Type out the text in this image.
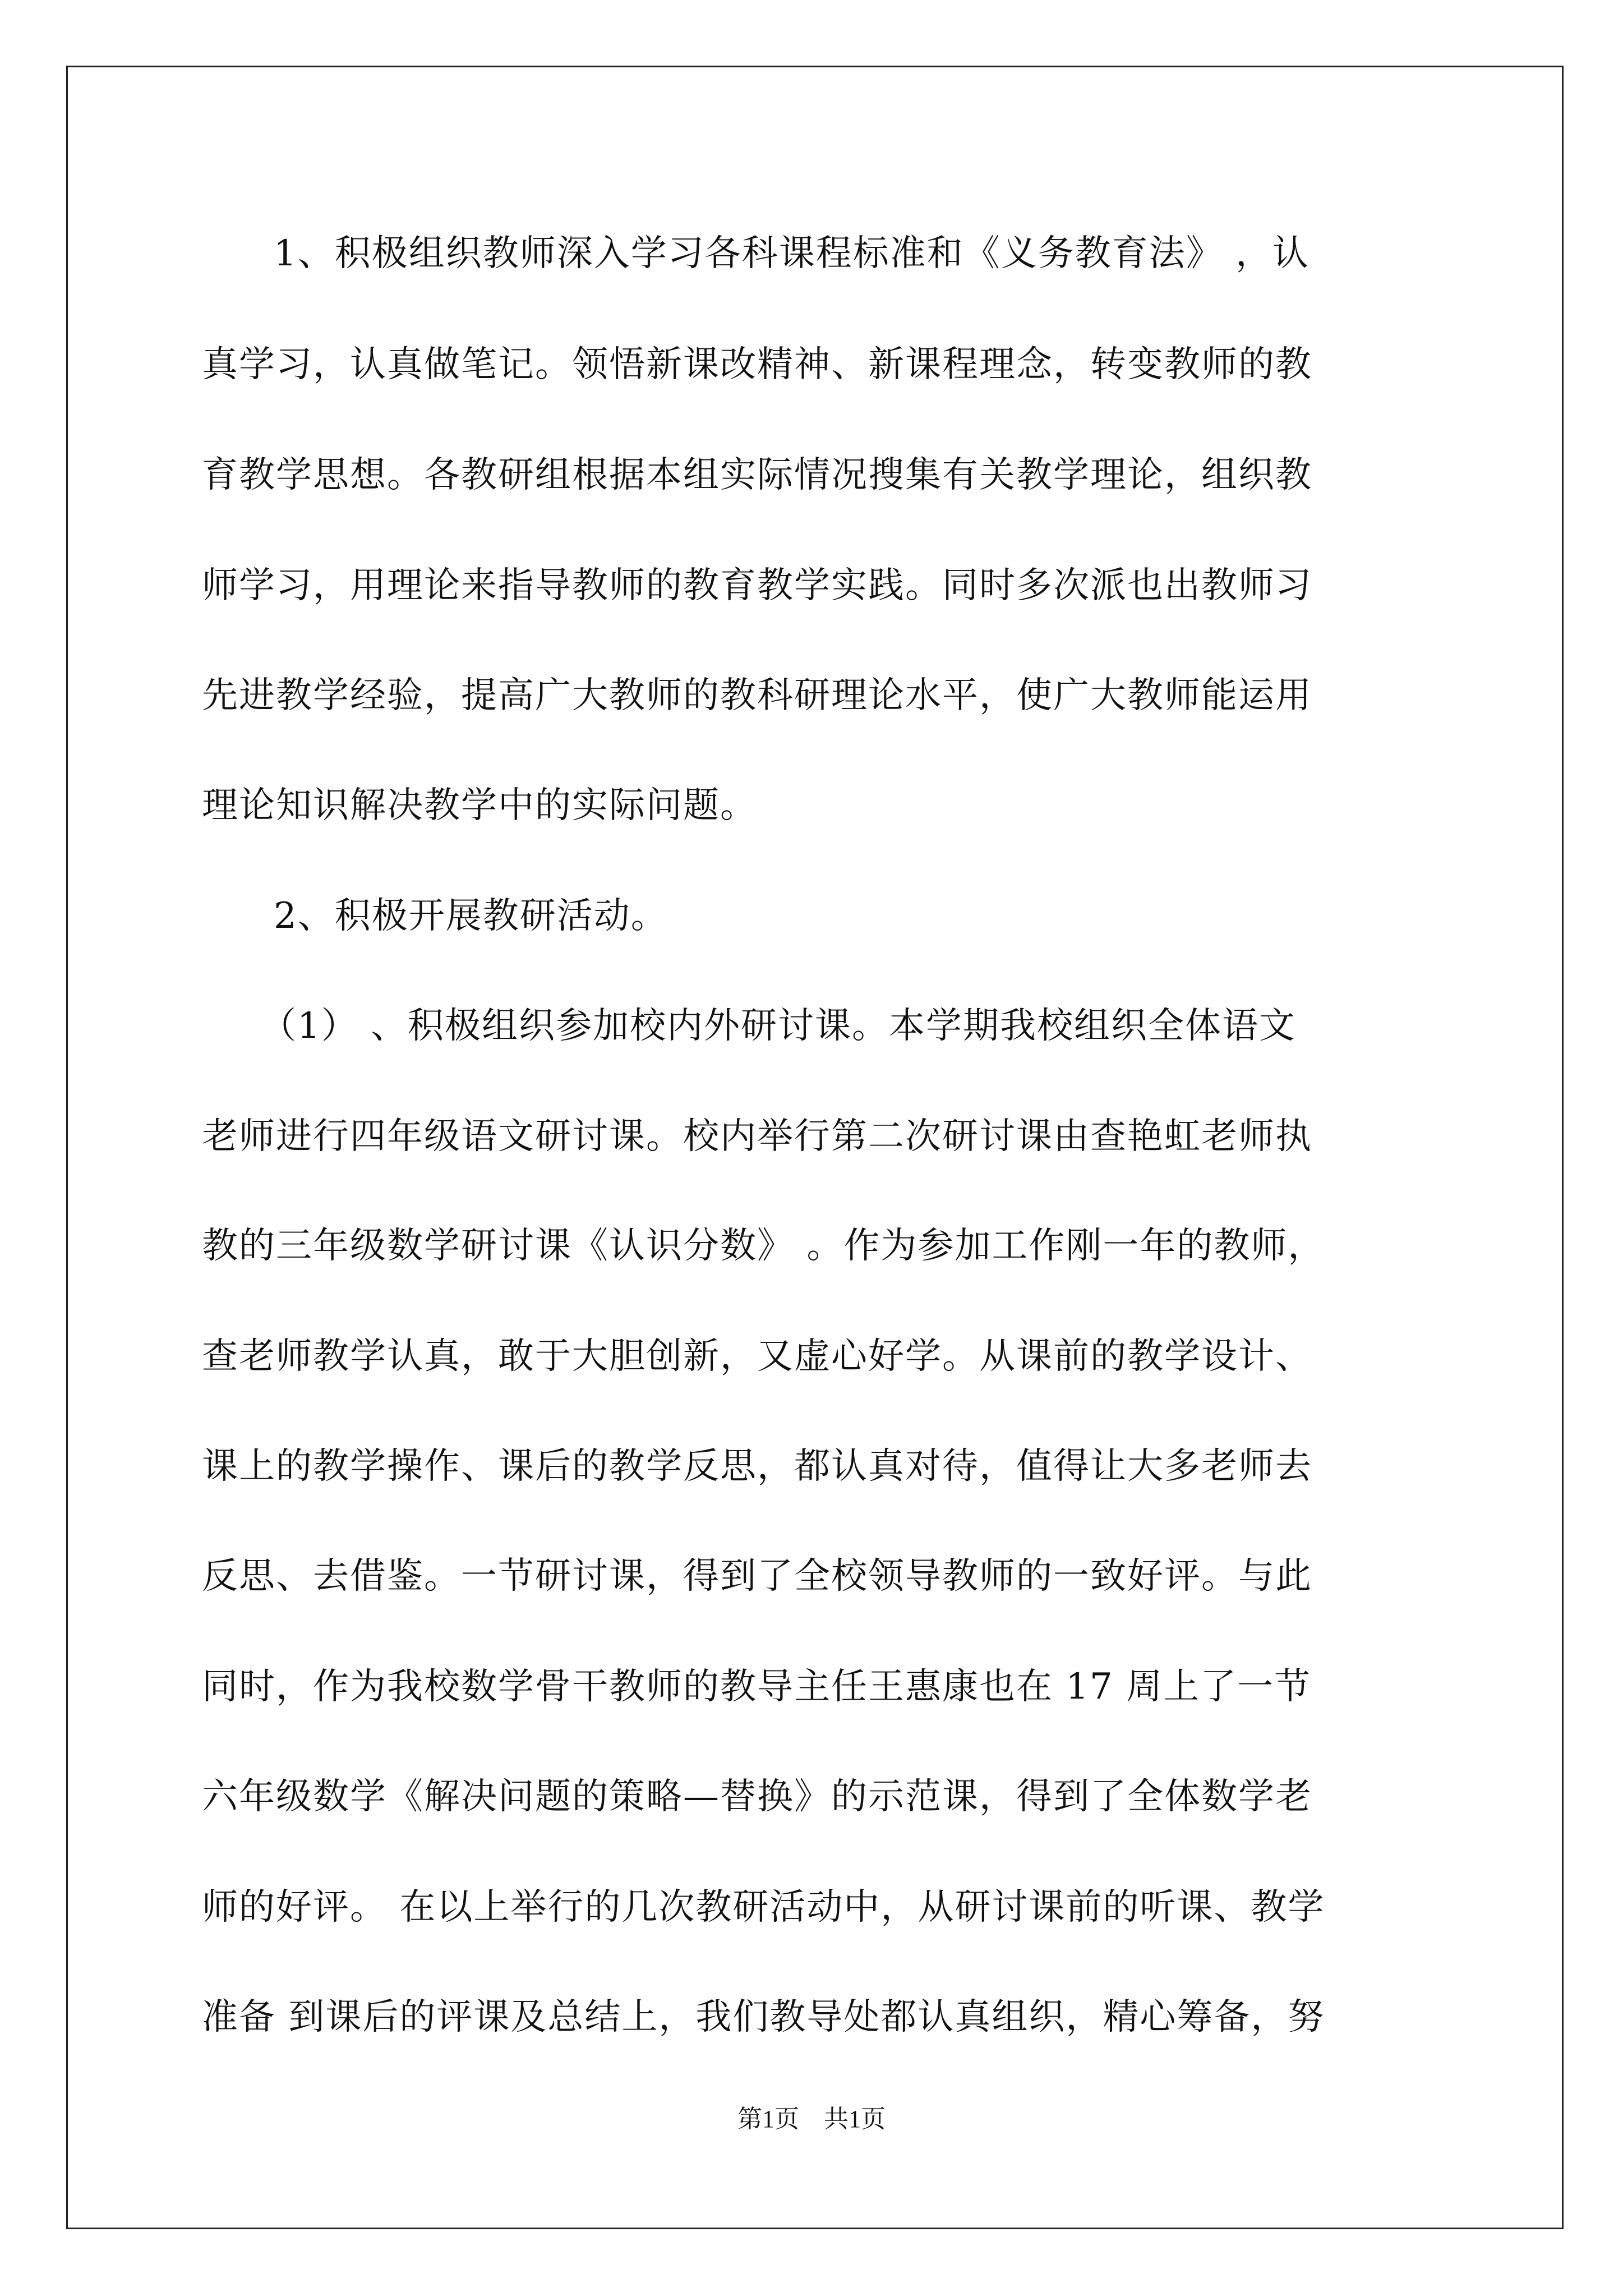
1、积极组织教师深入学习各科课程标准和《义务教育法》 ，认
真学习，认真做笔记。领悟新课改精神、新课程理念，转变教师的教
育教学思想。各教研组根据本组实际情况搜集有关教学理论，组织教
师学习，用理论来指导教师的教育教学实践。同时多次派也出教师习
先进教学经验，提高广大教师的教科研理论水平，使广大教师能运用
理论知识解决教学中的实际问题。
2、积极开展教研活动。
（1） 、积极组织参加校内外研讨课。本学期我校组织全体语文
老师进行四年级语文研讨课。校内举行第二次研讨课由查艳虹老师执
教的三年级数学研讨课《认识分数》 。作为参加工作刚一年的教师，
查老师教学认真，敢于大胆创新，又虚心好学。从课前的教学设计、
课上的教学操作、课后的教学反思，都认真对待，值得让大多老师去
反思、去借鉴。一节研讨课，得到了全校领导教师的一致好评。与此
同时，作为我校数学骨干教师的教导主任王惠康也在 17 周上了一节
六年级数学《解决问题的策略—替换》的示范课，得到了全体数学老
师的好评。 在以上举行的几次教研活动中，从研讨课前的听课、教学
准备 到课后的评课及总结上，我们教导处都认真组织，精心筹备，努
第1页　共1页
